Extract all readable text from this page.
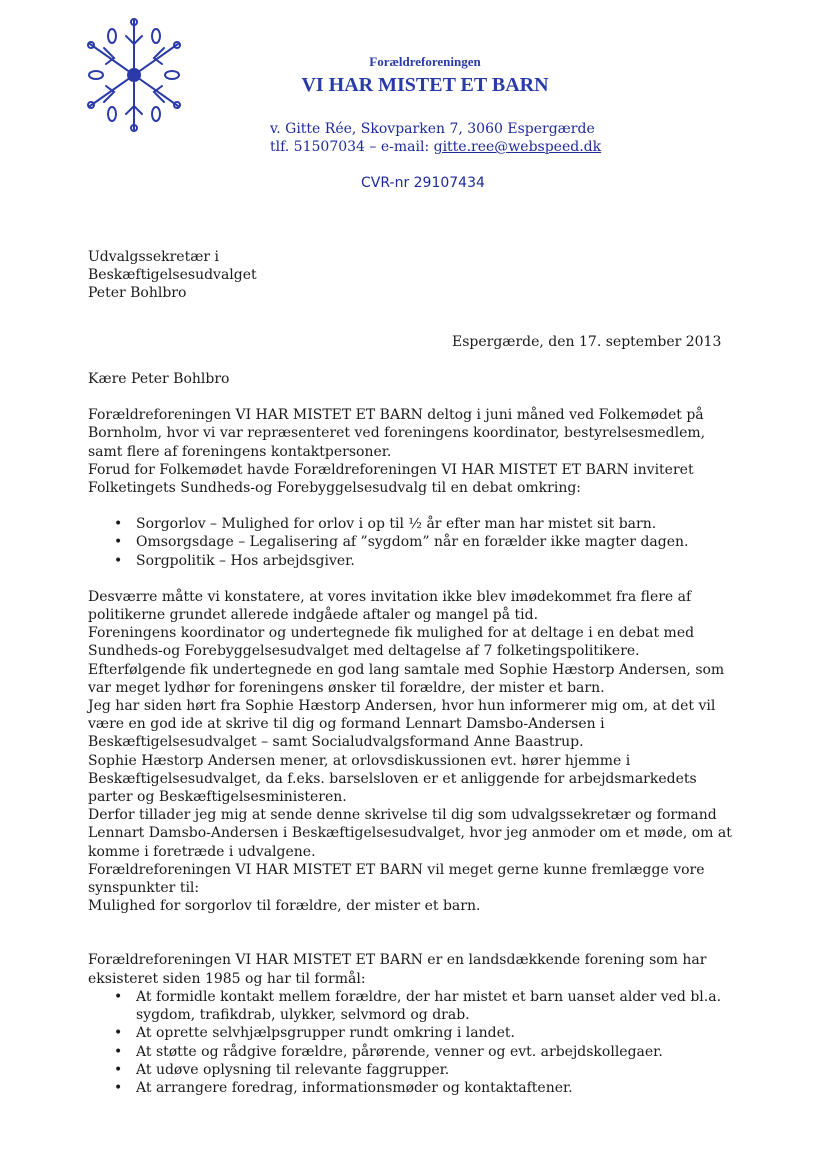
Forældreforeningen
VI HAR MISTET ET BARN
v. Gitte Rée, Skovparken 7, 3060 Espergærde
tlf. 51507034 – e-mail: gitte.ree@webspeed.dk
CVR-nr 29107434
Udvalgssekretær i
Beskæftigelsesudvalget
Peter Bohlbro
Espergærde, den 17. september 2013

Kære Peter Bohlbro

Forældreforeningen VI HAR MISTET ET BARN deltog i juni måned ved Folkemødet på Bornholm, hvor vi var repræsenteret ved foreningens koordinator, bestyrelsesmedlem, samt flere af foreningens kontaktpersoner.

Forud for Folkemødet havde Forældreforeningen VI HAR MISTET ET BARN inviteret Folketingets Sundheds-og Forebyggelsesudvalg til en debat omkring:

• Sorgorlov – Mulighed for orlov i op til ½ år efter man har mistet sit barn.
• Omsorgsdage – Legalisering af ”sygdom” når en forælder ikke magter dagen.
• Sorgpolitik – Hos arbejdsgiver.

Desværre måtte vi konstatere, at vores invitation ikke blev imødekommet fra flere af politikerne grundet allerede indgåede aftaler og mangel på tid.

Foreningens koordinator og undertegnede fik mulighed for at deltage i en debat med Sundheds-og Forebyggelsesudvalget med deltagelse af 7 folketingspolitikere.

Efterfølgende fik undertegnede en god lang samtale med Sophie Hæstorp Andersen, som var meget lydhør for foreningens ønsker til forældre, der mister et barn.

Jeg har siden hørt fra Sophie Hæstorp Andersen, hvor hun informerer mig om, at det vil være en god ide at skrive til dig og formand Lennart Damsbo-Andersen i Beskæftigelsesudvalget – samt Socialudvalgsformand Anne Baastrup.

Sophie Hæstorp Andersen mener, at orlovsdiskussionen evt. hører hjemme i Beskæftigelsesudvalget, da f.eks. barselsloven er et anliggende for arbejdsmarkedets parter og Beskæftigelsesministeren.

Derfor tillader jeg mig at sende denne skrivelse til dig som udvalgssekretær og formand Lennart Damsbo-Andersen i Beskæftigelsesudvalget, hvor jeg anmoder om et møde, om at komme i foretræde i udvalgene.

Forældreforeningen VI HAR MISTET ET BARN vil meget gerne kunne fremlægge vore synspunkter til:

Mulighed for sorgorlov til forældre, der mister et barn.

Forældreforeningen VI HAR MISTET ET BARN er en landsdækkende forening som har eksisteret siden 1985 og har til formål:

• At formidle kontakt mellem forældre, der har mistet et barn uanset alder ved bl.a. sygdom, trafikdrab, ulykker, selvmord og drab.
• At oprette selvhjælpsgrupper rundt omkring i landet.
• At støtte og rådgive forældre, pårørende, venner og evt. arbejdskollegaer.
• At udøve oplysning til relevante faggrupper.
• At arrangere foredrag, informationsmøder og kontaktaftener.
